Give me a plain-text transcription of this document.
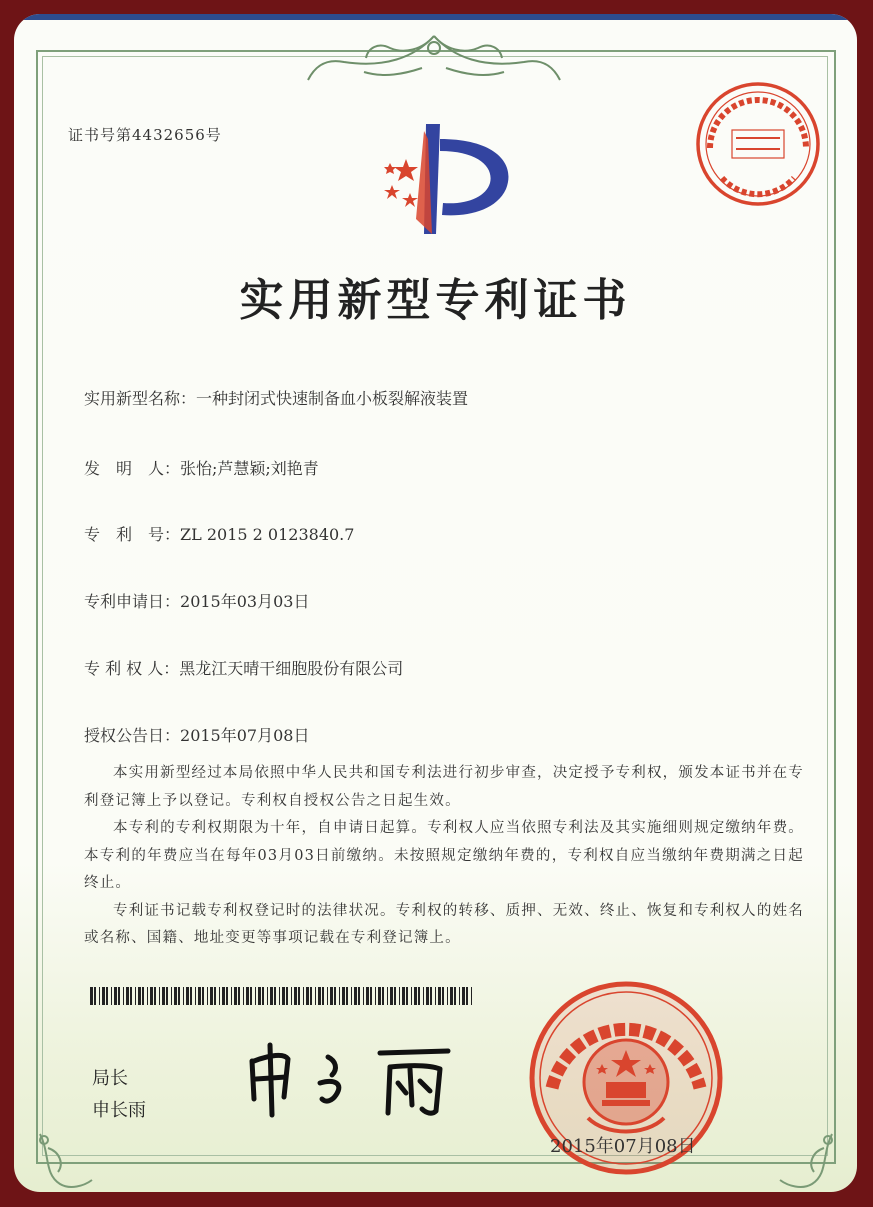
证书号第4432656号
实用新型专利证书
实用新型名称：一种封闭式快速制备血小板裂解液装置
发　明　人：张怡;芦慧颖;刘艳青
专　利　号：ZL 2015 2 0123840.7
专利申请日：2015年03月03日
专 利 权 人：黑龙江天晴干细胞股份有限公司
授权公告日：2015年07月08日

本实用新型经过本局依照中华人民共和国专利法进行初步审查，决定授予专利权，颁发本证书并在专利登记簿上予以登记。专利权自授权公告之日起生效。

本专利的专利权期限为十年，自申请日起算。专利权人应当依照专利法及其实施细则规定缴纳年费。本专利的年费应当在每年03月03日前缴纳。未按照规定缴纳年费的，专利权自应当缴纳年费期满之日起终止。

专利证书记载专利权登记时的法律状况。专利权的转移、质押、无效、终止、恢复和专利权人的姓名或名称、国籍、地址变更等事项记载在专利登记簿上。

局长
申长雨
2015年07月08日
